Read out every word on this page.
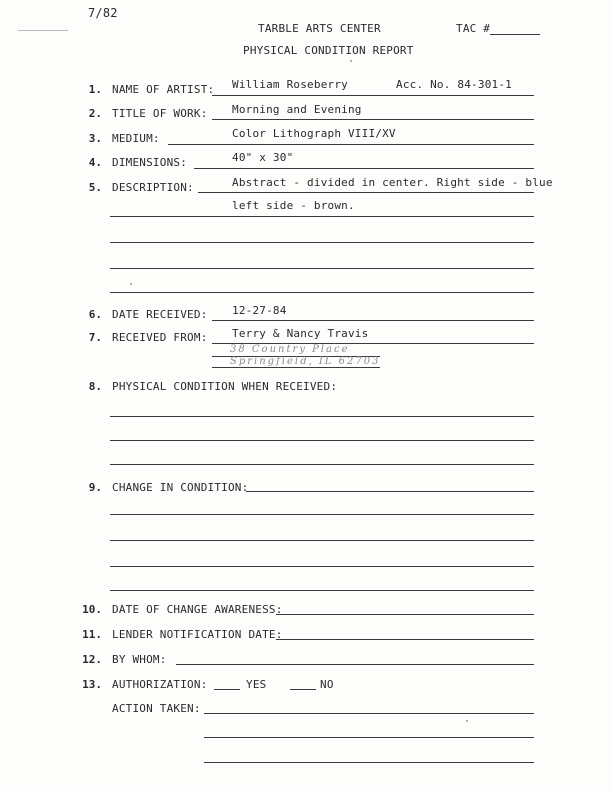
7/82
TARBLE ARTS CENTER	TAC #
PHYSICAL CONDITION REPORT
1. NAME OF ARTIST: William Roseberry	Acc. No. 84-301-1
2. TITLE OF WORK: Morning and Evening
3. MEDIUM:	Color Lithograph VIII/XV
4. DIMENSIONS:	40" x 30"
5. DESCRIPTION:	Abstract - divided in center. Right side - blue
left side - brown.
6. DATE RECEIVED: 12-27-84
7. RECEIVED FROM: Terry & Nancy Travis
38 Country Place
Springfield, IL 62703
8. PHYSICAL CONDITION WHEN RECEIVED:
9. CHANGE IN CONDITION:
10. DATE OF CHANGE AWARENESS:
11. LENDER NOTIFICATION DATE:
12. BY WHOM:
13. AUTHORIZATION:	YES	NO
ACTION TAKEN:
